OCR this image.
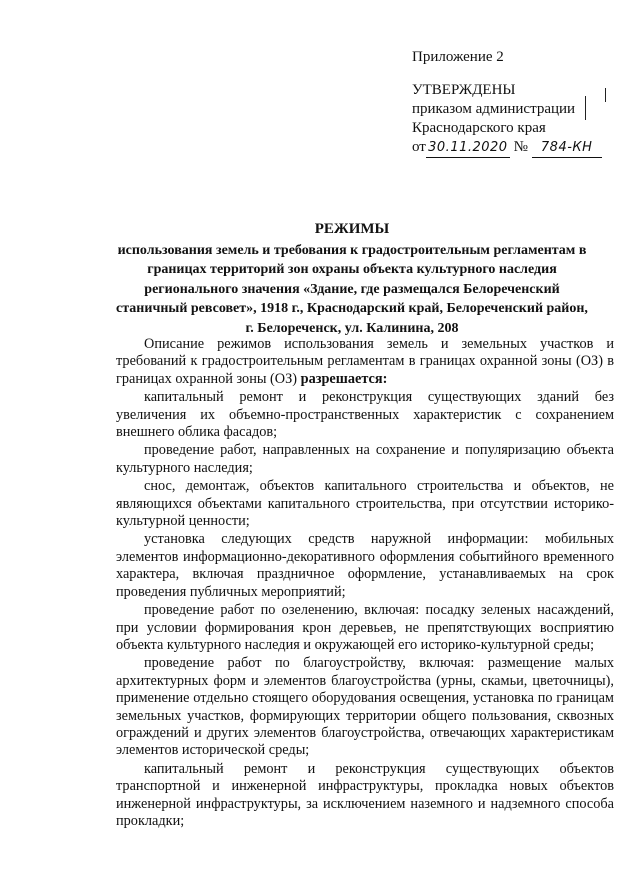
Приложение 2
УТВЕРЖДЕНЫ
приказом администрации
Краснодарского края
от 30.11.2020 № 784-КН
РЕЖИМЫ
использования земель и требования к градостроительным регламентам в
границах территорий зон охраны объекта культурного наследия
регионального значения «Здание, где размещался Белореченский
станичный ревсовет», 1918 г., Краснодарский край, Белореченский район,
г. Белореченск, ул. Калинина, 208

Описание режимов использования земель и земельных участков и требований к градостроительным регламентам в границах охранной зоны (ОЗ) в границах охранной зоны (ОЗ) разрешается:

капитальный ремонт и реконструкция существующих зданий без увеличения их объемно-пространственных характеристик с сохранением внешнего облика фасадов;

проведение работ, направленных на сохранение и популяризацию объекта культурного наследия;

снос, демонтаж, объектов капитального строительства и объектов, не являющихся объектами капитального строительства, при отсутствии историко-культурной ценности;

установка следующих средств наружной информации: мобильных элементов информационно-декоративного оформления событийного временного характера, включая праздничное оформление, устанавливаемых на срок проведения публичных мероприятий;

проведение работ по озеленению, включая: посадку зеленых насаждений, при условии формирования крон деревьев, не препятствующих восприятию объекта культурного наследия и окружающей его историко-культурной среды;

проведение работ по благоустройству, включая: размещение малых архитектурных форм и элементов благоустройства (урны, скамьи, цветочницы), применение отдельно стоящего оборудования освещения, установка по границам земельных участков, формирующих территории общего пользования, сквозных ограждений и других элементов благоустройства, отвечающих характеристикам элементов исторической среды;

капитальный ремонт и реконструкция существующих объектов транспортной и инженерной инфраструктуры, прокладка новых объектов инженерной инфраструктуры, за исключением наземного и надземного способа прокладки;
